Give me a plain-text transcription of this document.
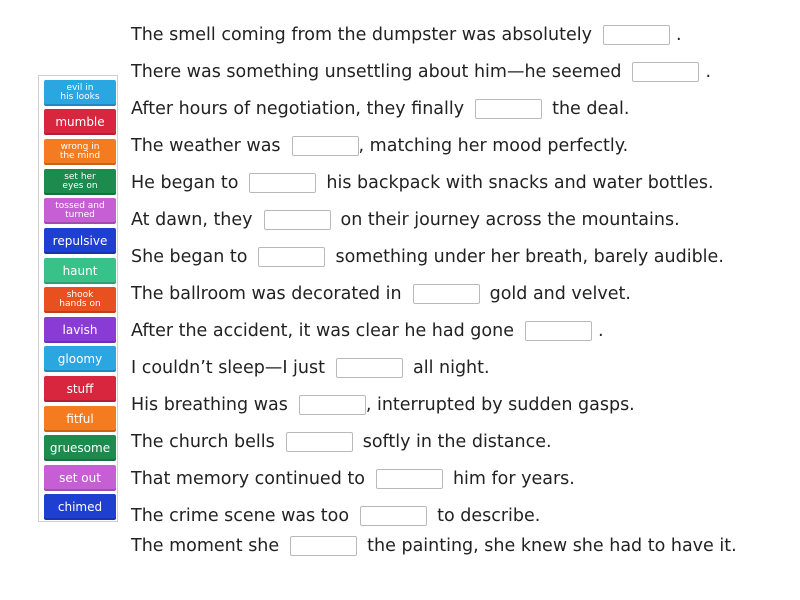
evil in
his looks
mumble
wrong in
the mind
set her
eyes on
tossed and
turned
repulsive
haunt
shook
hands on
lavish
gloomy
stuff
fitful
gruesome
set out
chimed
The smell coming from the dumpster was absolutely	.
There was something unsettling about him—he seemed	.
After hours of negotiation, they finally	the deal.
The weather was	, matching her mood perfectly.
He began to	his backpack with snacks and water bottles.
At dawn, they	on their journey across the mountains.
She began to	something under her breath, barely audible.
The ballroom was decorated in	gold and velvet.
After the accident, it was clear he had gone	.
I couldn’t sleep—I just	all night.
His breathing was	, interrupted by sudden gasps.
The church bells	softly in the distance.
That memory continued to	him for years.
The crime scene was too	to describe.
The moment she	the painting, she knew she had to have it.
